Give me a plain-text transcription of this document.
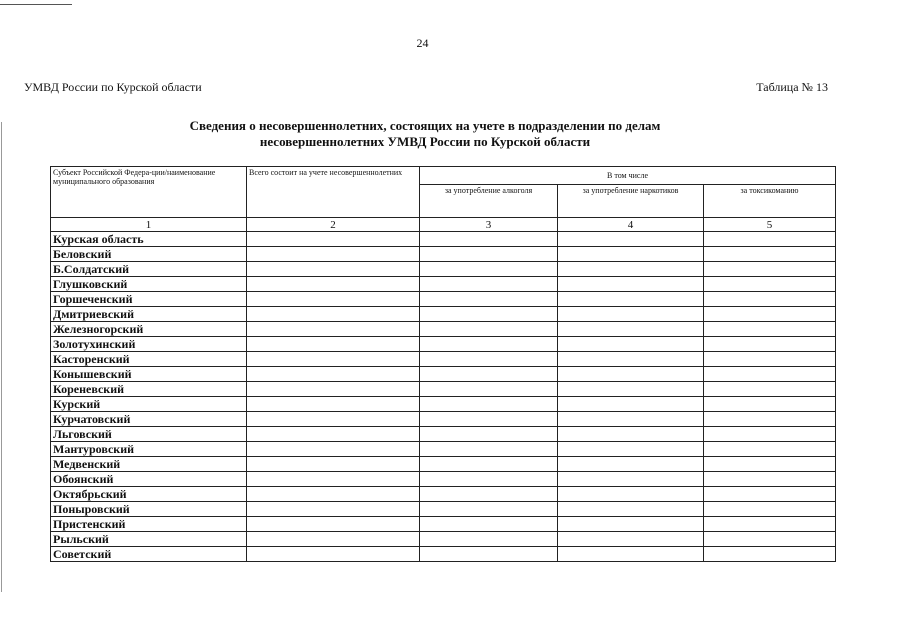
24
УМВД России по Курской области	Таблица № 13
Сведения о несовершеннолетних, состоящих на учете в подразделении по делам
несовершеннолетних УМВД России по Курской области
Субъект Российской Федера-ции/наименование муниципального образования	Всего состоит на учете несовершеннолетних	В том числе		
		за употребление алкоголя	за употребление наркотиков	за токсикоманию
1	2	3	4	5
Курская область				
Беловский				
Б.Солдатский				
Глушковский				
Горшеченский				
Дмитриевский				
Железногорский				
Золотухинский				
Касторенский				
Конышевский				
Кореневский				
Курский				
Курчатовский				
Льговский				
Мантуровский				
Медвенский				
Обоянский				
Октябрьский				
Поныровский				
Пристенский				
Рыльский				
Советский				
